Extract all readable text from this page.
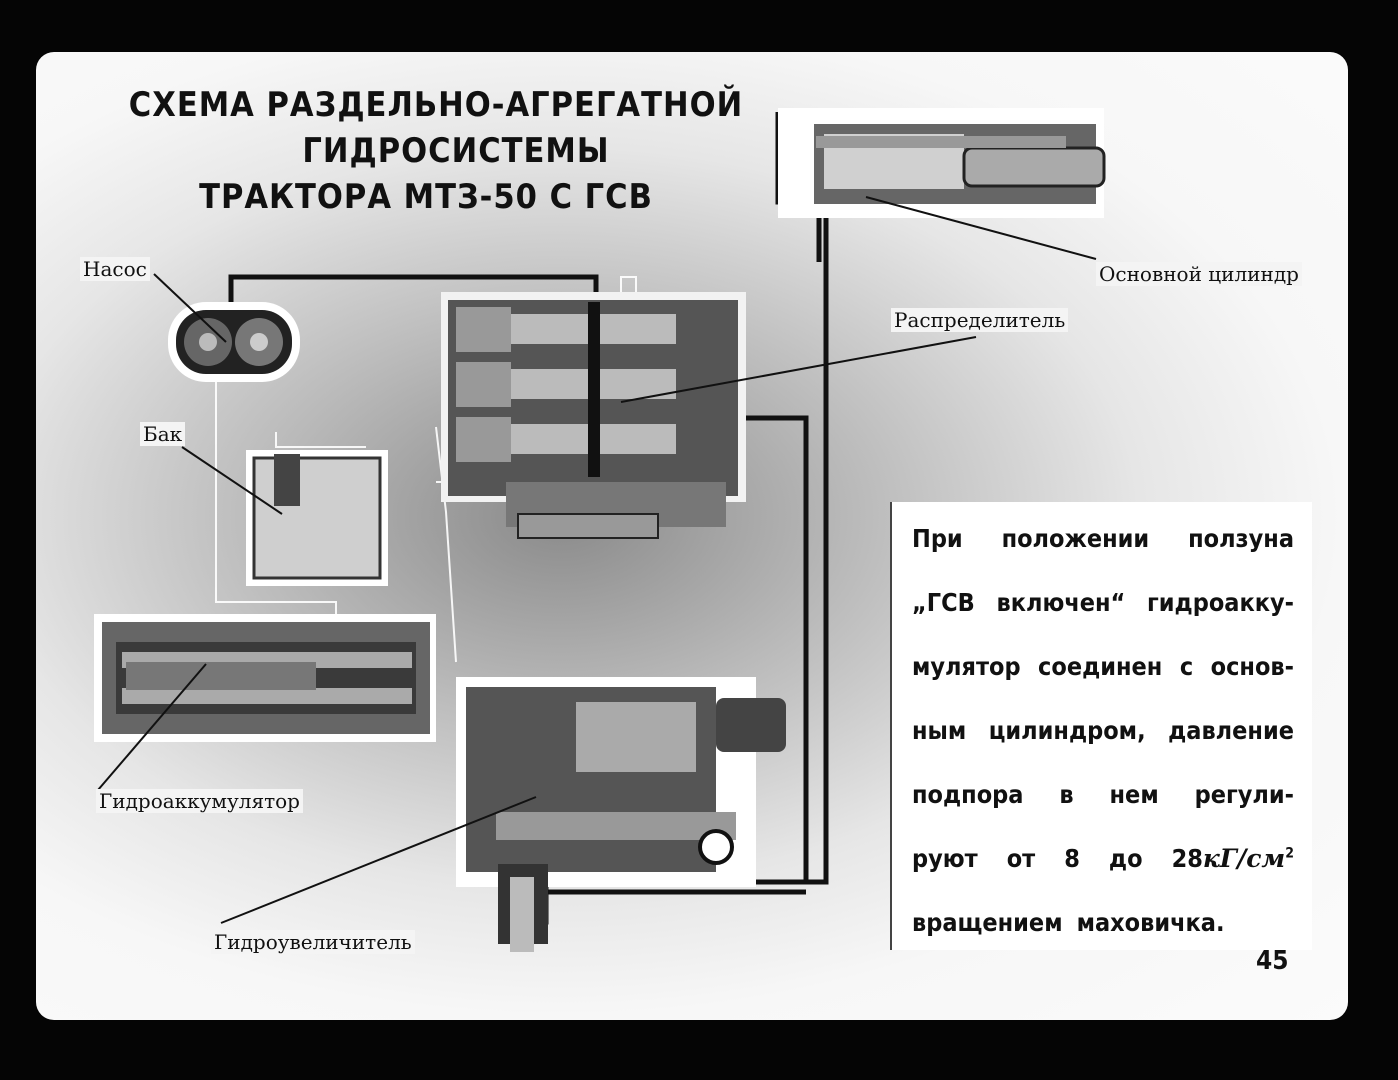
СХЕМА РАЗДЕЛЬНО-АГРЕГАТНОЙ
ГИДРОСИСТЕМЫ
ТРАКТОРА МТЗ-50 С ГСВ
Насос
Бак
Распределитель
Основной цилиндр
Гидроаккумулятор
Гидроувеличитель
При положении ползуна
„ГСВ включен“ гидроакку-
мулятор соединен с основ-
ным цилиндром, давление
подпора в нем регули-
руют от 8 до $28кГ/см^2$
вращением маховичка.
45
